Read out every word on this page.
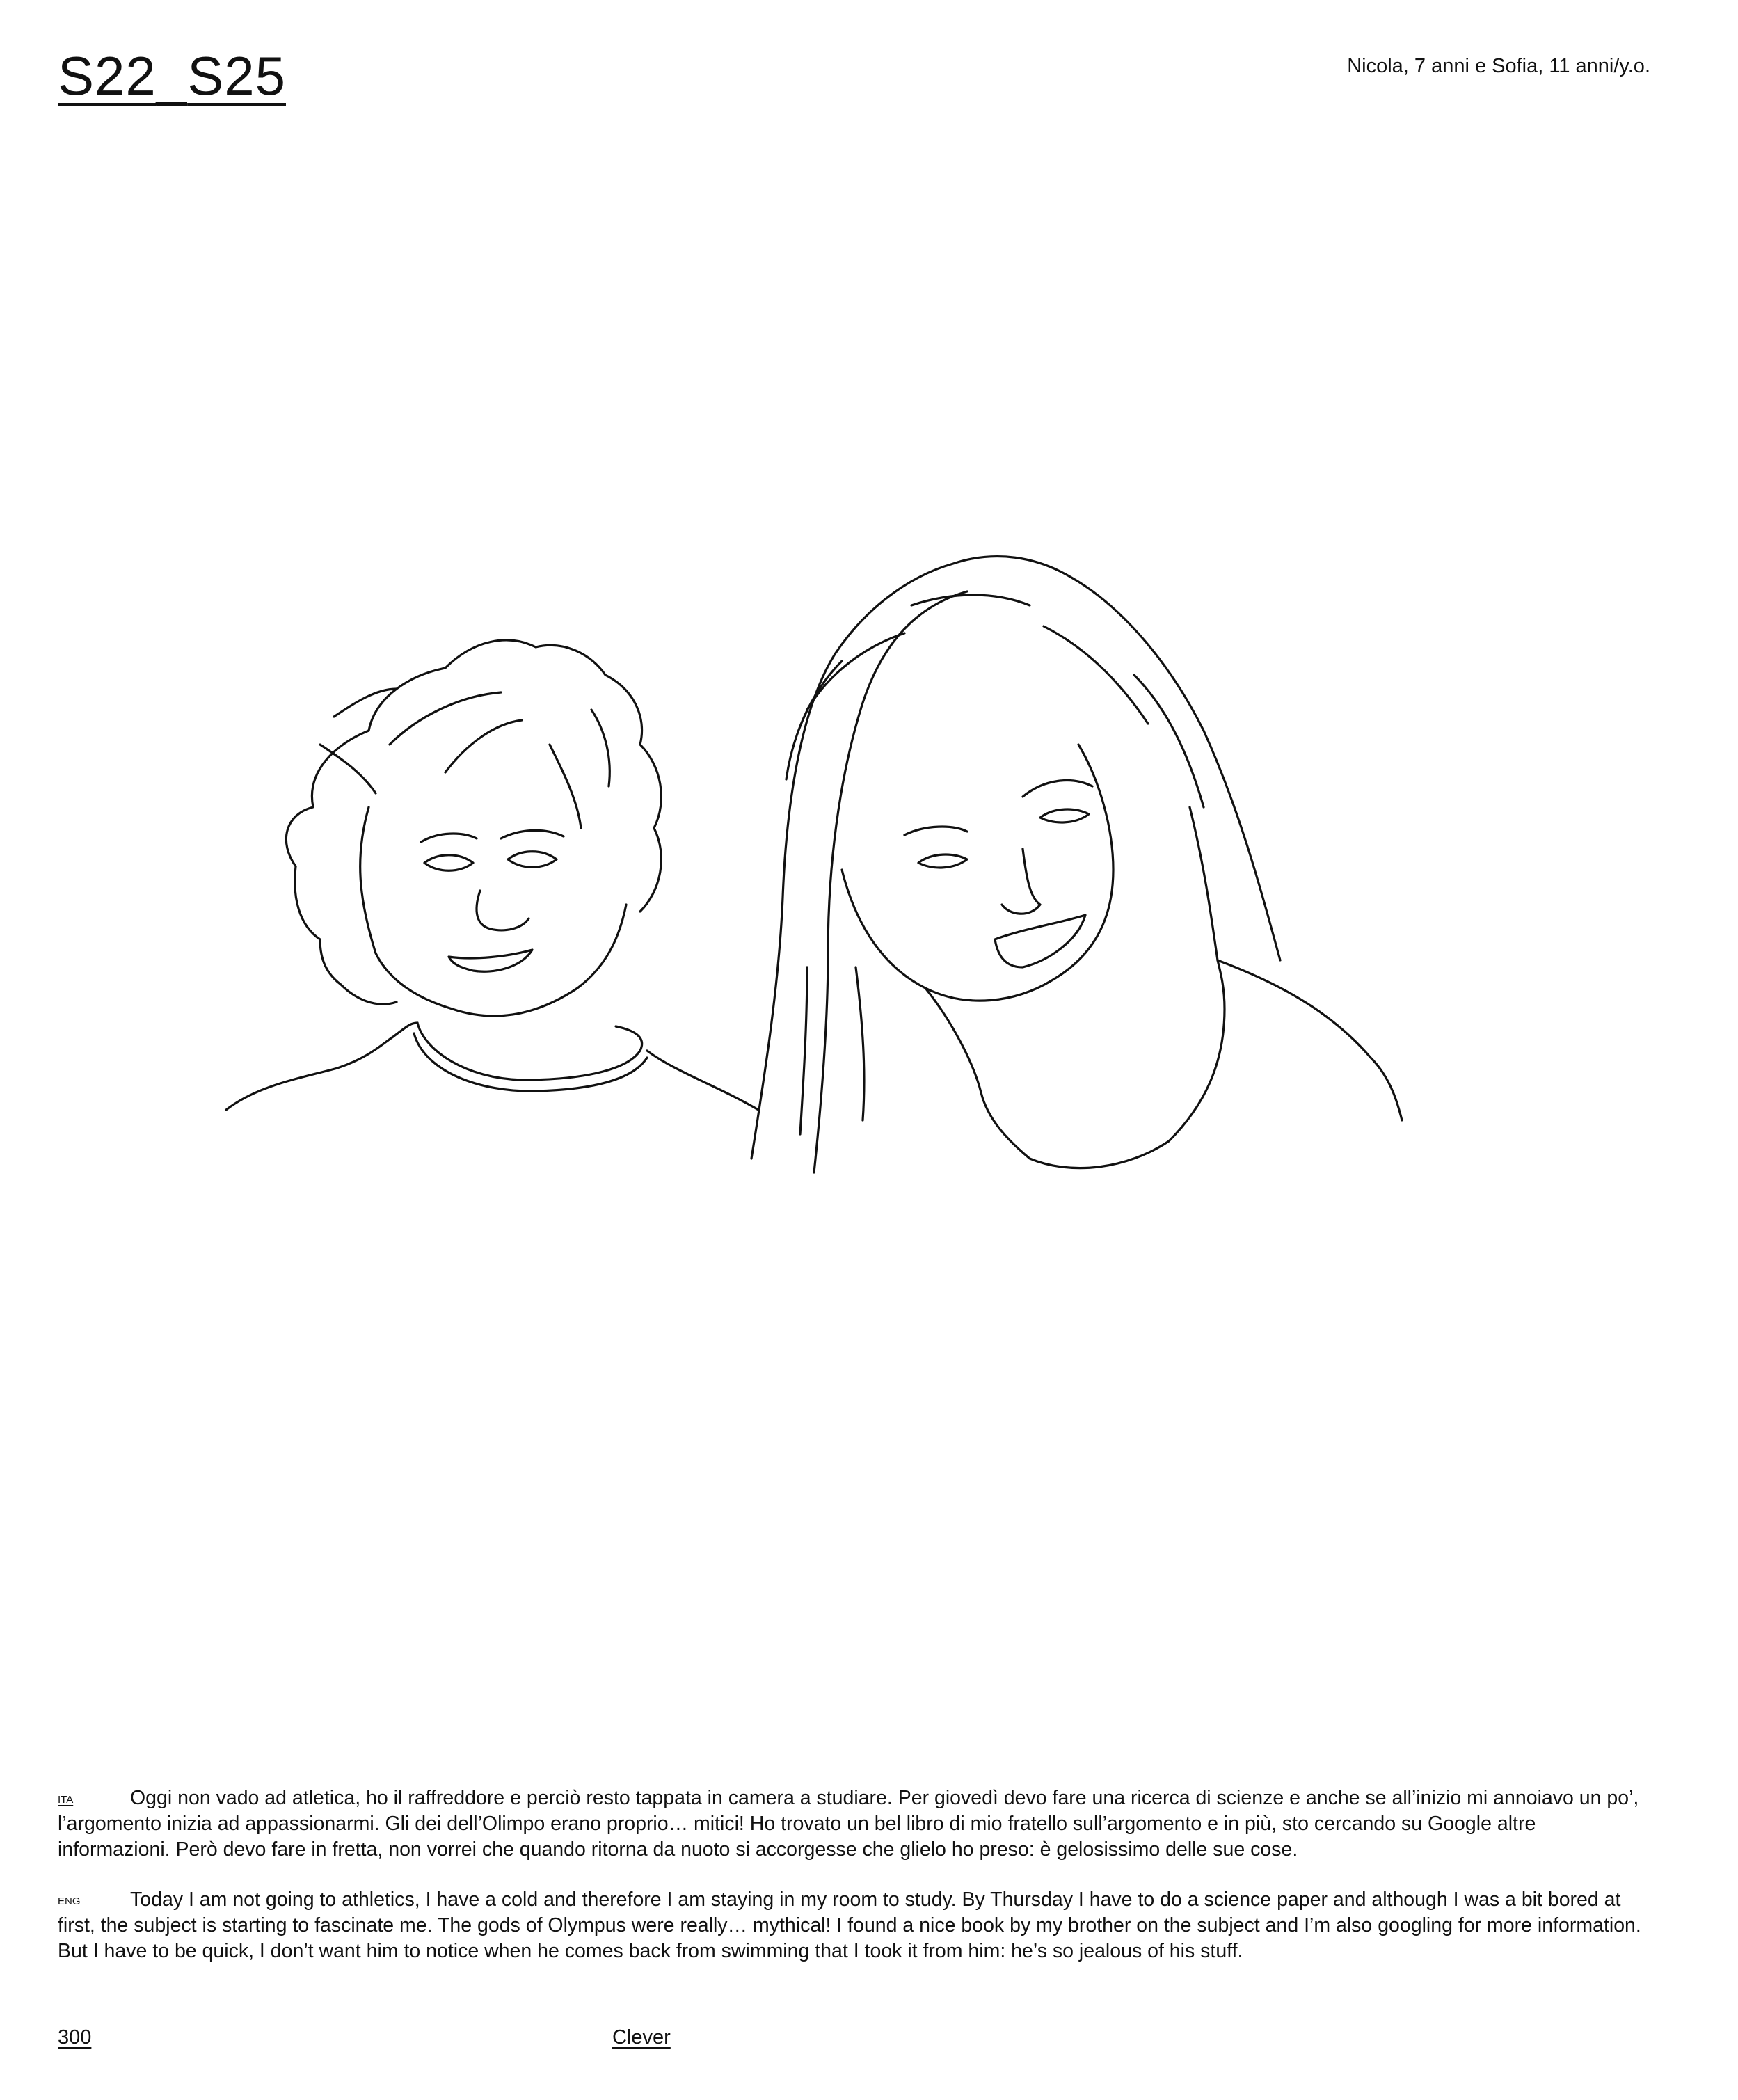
S22_S25	Nicola, 7 anni e Sofia, 11 anni/y.o.
ITA	Oggi non vado ad atletica, ho il raffreddore e perciò resto tappata in camera a studiare. Per giovedì devo fare una ricerca di scienze e anche se all’inizio mi annoiavo un po’, l’argomento inizia ad appassionarmi. Gli dei dell’Olimpo erano proprio… mitici! Ho trovato un bel libro di mio fratello sull’argomento e in più, sto cercando su Google altre informazioni. Però devo fare in fretta, non vorrei che quando ritorna da nuoto si accorgesse che glielo ho preso: è gelosissimo delle sue cose.
ENG	Today I am not going to athletics, I have a cold and therefore I am staying in my room to study. By Thursday I have to do a science paper and although I was a bit bored at first, the subject is starting to fascinate me. The gods of Olympus were really… mythical! I found a nice book by my brother on the subject and I’m also googling for more information. But I have to be quick, I don’t want him to notice when he comes back from swimming that I took it from him: he’s so jealous of his stuff.
300	Clever
